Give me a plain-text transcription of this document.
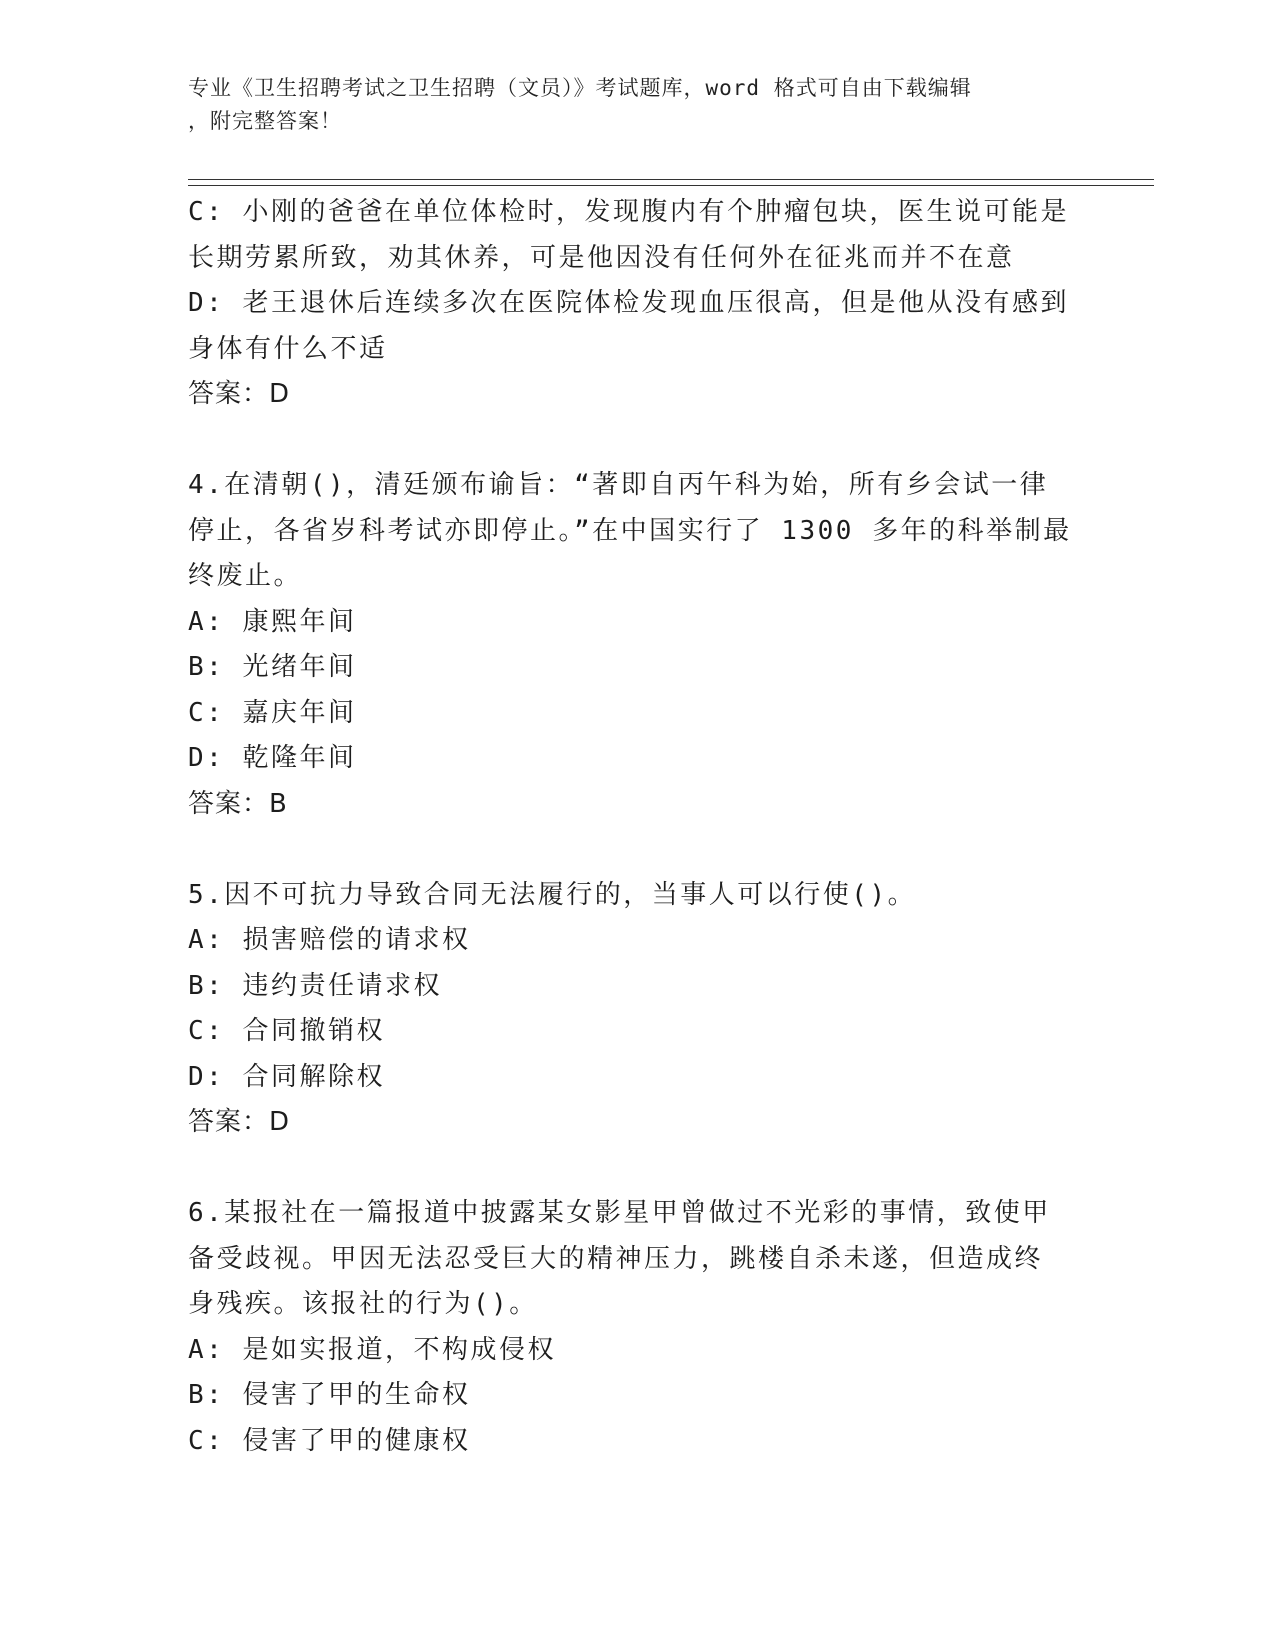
专业《卫生招聘考试之卫生招聘（文员）》考试题库，word 格式可自由下载编辑
，附完整答案！
C: 小刚的爸爸在单位体检时，发现腹内有个肿瘤包块，医生说可能是
长期劳累所致，劝其休养，可是他因没有任何外在征兆而并不在意
D: 老王退休后连续多次在医院体检发现血压很高，但是他从没有感到
身体有什么不适
答案：D
4.在清朝()，清廷颁布谕旨：“著即自丙午科为始，所有乡会试一律
停止，各省岁科考试亦即停止。”在中国实行了 1300 多年的科举制最
终废止。
A: 康熙年间
B: 光绪年间
C: 嘉庆年间
D: 乾隆年间
答案：B
5.因不可抗力导致合同无法履行的，当事人可以行使()。
A: 损害赔偿的请求权
B: 违约责任请求权
C: 合同撤销权
D: 合同解除权
答案：D
6.某报社在一篇报道中披露某女影星甲曾做过不光彩的事情，致使甲
备受歧视。甲因无法忍受巨大的精神压力，跳楼自杀未遂，但造成终
身残疾。该报社的行为()。
A: 是如实报道，不构成侵权
B: 侵害了甲的生命权
C: 侵害了甲的健康权
